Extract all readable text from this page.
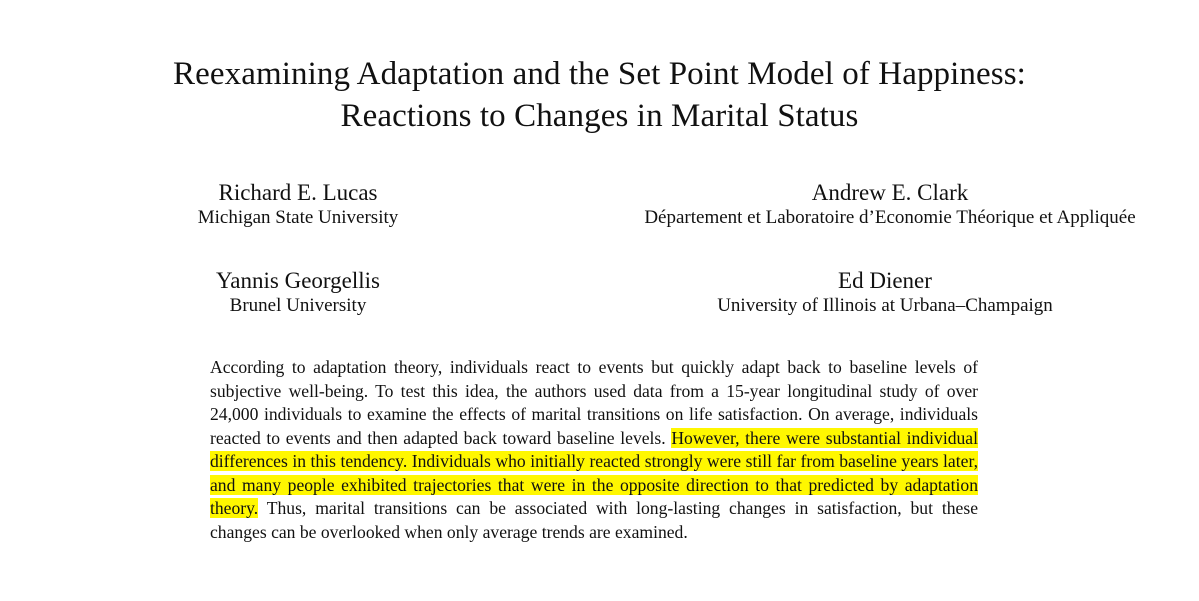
Reexamining Adaptation and the Set Point Model of Happiness:
Reactions to Changes in Marital Status
Richard E. Lucas
Michigan State University
Andrew E. Clark
Département et Laboratoire d’Economie Théorique et Appliquée
Yannis Georgellis
Brunel University
Ed Diener
University of Illinois at Urbana–Champaign

According to adaptation theory, individuals react to events but quickly adapt back to baseline levels of subjective well-being. To test this idea, the authors used data from a 15-year longitudinal study of over 24,000 individuals to examine the effects of marital transitions on life satisfaction. On average, individuals reacted to events and then adapted back toward baseline levels. However, there were substantial individual differences in this tendency. Individuals who initially reacted strongly were still far from baseline years later, and many people exhibited trajectories that were in the opposite direction to that predicted by adaptation theory. Thus, marital transitions can be associated with long-lasting changes in satisfaction, but these changes can be overlooked when only average trends are examined.
